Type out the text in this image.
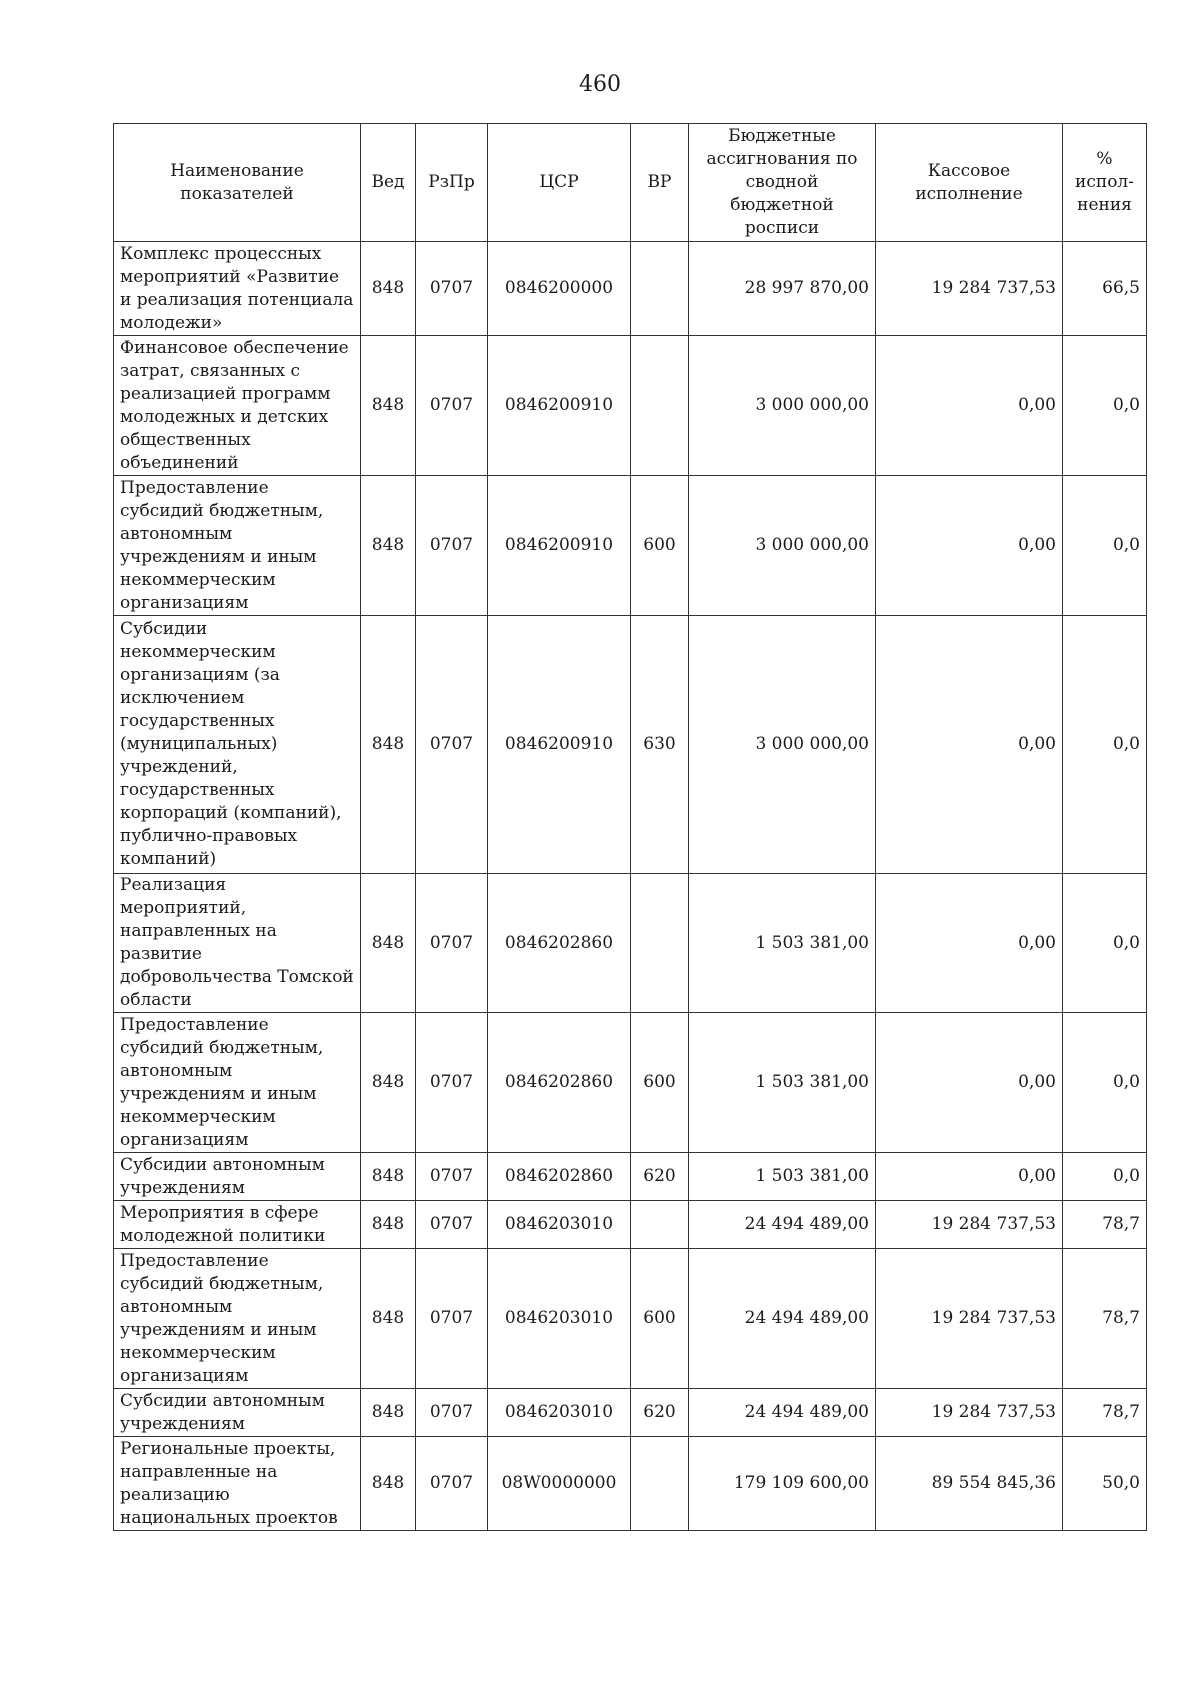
460
Наименование показателей	Вед	РзПр	ЦСР	ВР	Бюджетные ассигнования по сводной бюджетной росписи	Кассовое исполнение	% испол-нения
Комплекс процессных мероприятий «Развитие и реализация потенциала молодежи»	848	0707	0846200000		28 997 870,00	19 284 737,53	66,5
Финансовое обеспечение затрат, связанных с реализацией программ молодежных и детских общественных объединений	848	0707	0846200910		3 000 000,00	0,00	0,0
Предоставление субсидий бюджетным, автономным учреждениям и иным некоммерческим организациям	848	0707	0846200910	600	3 000 000,00	0,00	0,0
Субсидии некоммерческим организациям (за исключением государственных (муниципальных) учреждений, государственных корпораций (компаний), публично-правовых компаний)	848	0707	0846200910	630	3 000 000,00	0,00	0,0
Реализация мероприятий, направленных на развитие добровольчества Томской области	848	0707	0846202860		1 503 381,00	0,00	0,0
Предоставление субсидий бюджетным, автономным учреждениям и иным некоммерческим организациям	848	0707	0846202860	600	1 503 381,00	0,00	0,0
Субсидии автономным учреждениям	848	0707	0846202860	620	1 503 381,00	0,00	0,0
Мероприятия в сфере молодежной политики	848	0707	0846203010		24 494 489,00	19 284 737,53	78,7
Предоставление субсидий бюджетным, автономным учреждениям и иным некоммерческим организациям	848	0707	0846203010	600	24 494 489,00	19 284 737,53	78,7
Субсидии автономным учреждениям	848	0707	0846203010	620	24 494 489,00	19 284 737,53	78,7
Региональные проекты, направленные на реализацию национальных проектов	848	0707	08W0000000		179 109 600,00	89 554 845,36	50,0
